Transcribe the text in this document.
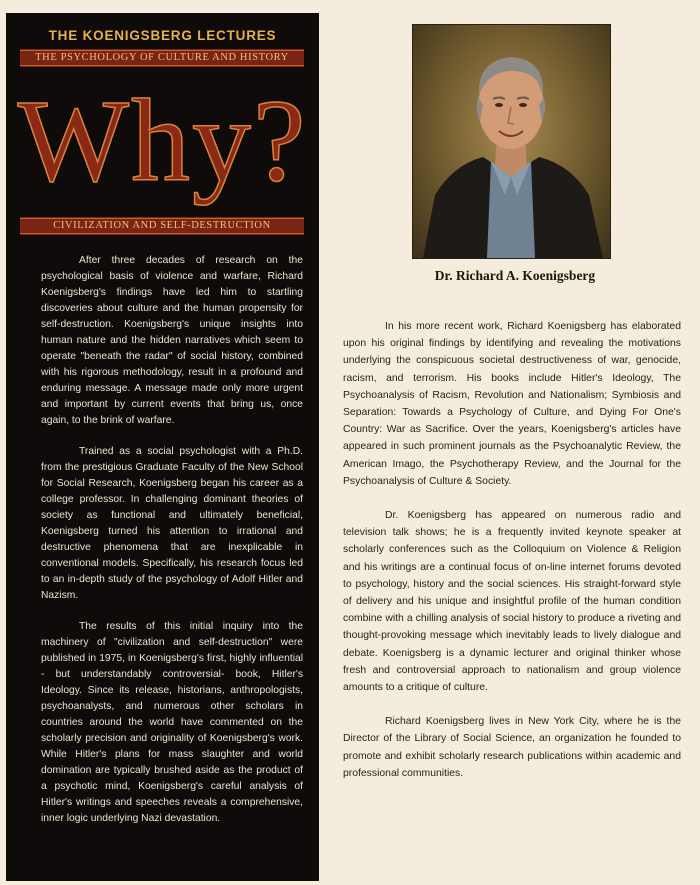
THE KOENIGSBERG LECTURES
THE PSYCHOLOGY OF CULTURE AND HISTORY
Why?
CIVILIZATION AND SELF-DESTRUCTION

After three decades of research on the psychological basis of violence and warfare, Richard Koenigsberg's findings have led him to startling discoveries about culture and the human propensity for self-destruction. Koenigsberg's unique insights into human nature and the hidden narratives which seem to operate "beneath the radar" of social history, combined with his rigorous methodology, result in a profound and enduring message. A message made only more urgent and important by current events that bring us, once again, to the brink of warfare.

Trained as a social psychologist with a Ph.D. from the prestigious Graduate Faculty of the New School for Social Research, Koenigsberg began his career as a college professor. In challenging dominant theories of society as functional and ultimately beneficial, Koenigsberg turned his attention to irrational and destructive phenomena that are inexplicable in conventional models. Specifically, his research focus led to an in-depth study of the psychology of Adolf Hitler and Nazism.

The results of this initial inquiry into the machinery of "civilization and self-destruction" were published in 1975, in Koenigsberg's first, highly influential - but understandably controversial- book, Hitler's Ideology. Since its release, historians, anthropologists, psychoanalysts, and numerous other scholars in countries around the world have commented on the scholarly precision and originality of Koenigsberg's work. While Hitler's plans for mass slaughter and world domination are typically brushed aside as the product of a psychotic mind, Koenigsberg's careful analysis of Hitler's writings and speeches reveals a comprehensive, inner logic underlying Nazi devastation.

Dr. Richard A. Koenigsberg

In his more recent work, Richard Koenigsberg has elaborated upon his original findings by identifying and revealing the motivations underlying the conspicuous societal destructiveness of war, genocide, racism, and terrorism. His books include Hitler's Ideology, The Psychoanalysis of Racism, Revolution and Nationalism; Symbiosis and Separation: Towards a Psychology of Culture, and Dying For One's Country: War as Sacrifice. Over the years, Koenigsberg's articles have appeared in such prominent journals as the Psychoanalytic Review, the American Imago, the Psychotherapy Review, and the Journal for the Psychoanalysis of Culture & Society.

Dr. Koenigsberg has appeared on numerous radio and television talk shows; he is a frequently invited keynote speaker at scholarly conferences such as the Colloquium on Violence & Religion and his writings are a continual focus of on-line internet forums devoted to psychology, history and the social sciences. His straight-forward style of delivery and his unique and insightful profile of the human condition combine with a chilling analysis of social history to produce a riveting and thought-provoking message which inevitably leads to lively dialogue and debate. Koenigsberg is a dynamic lecturer and original thinker whose fresh and controversial approach to nationalism and group violence amounts to a critique of culture.

Richard Koenigsberg lives in New York City, where he is the Director of the Library of Social Science, an organization he founded to promote and exhibit scholarly research publications within academic and professional communities.
